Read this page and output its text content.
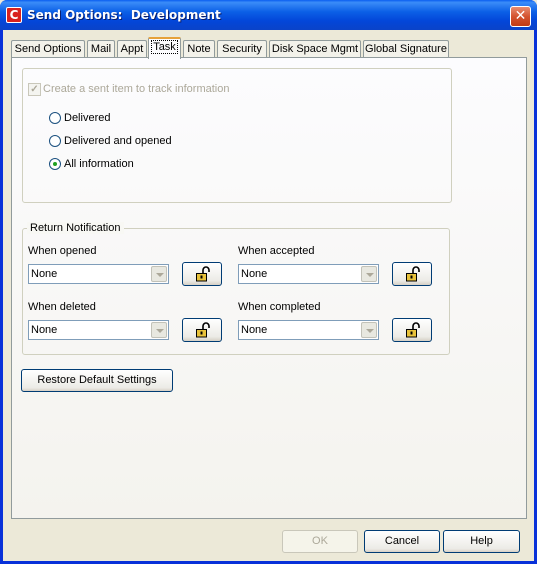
C Send Options:  Development	✕
Send Options Mail Appt Task	Note	Security Disk Space Mgmt Global Signature
✓ Create a sent item to track information
Delivered
Delivered and opened
All information
Return Notification
When opened
None
When accepted
None
When deleted
None
When completed
None
Restore Default Settings
OK	Cancel	Help
